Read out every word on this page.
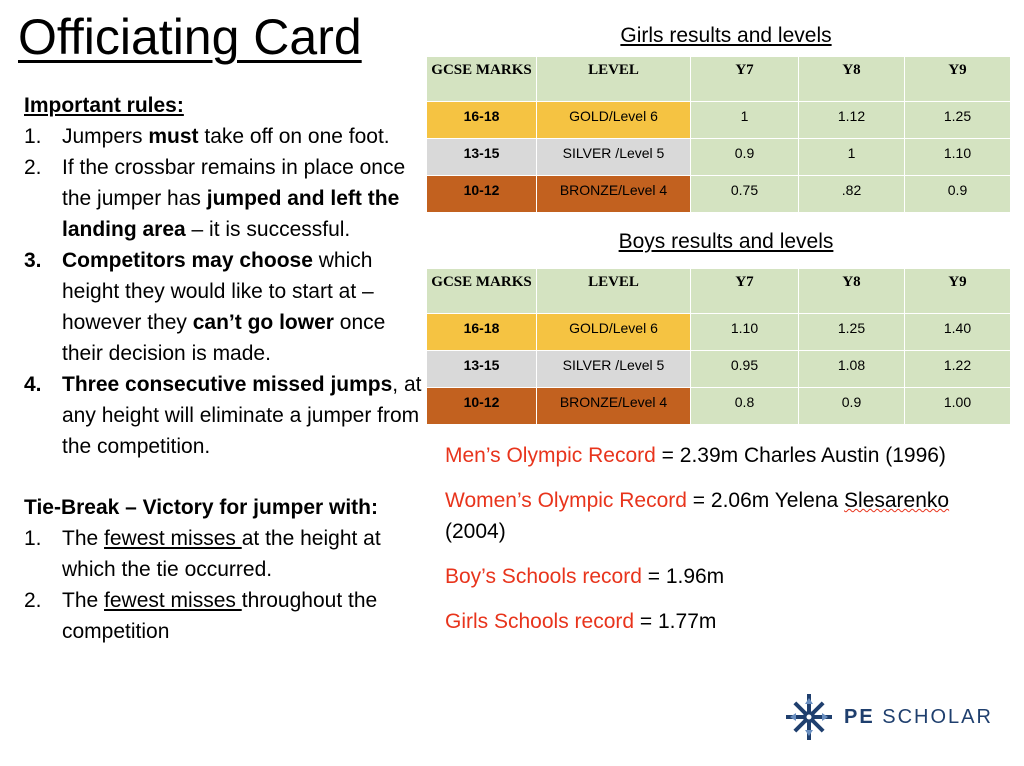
Officiating Card
Important rules:
1. Jumpers must take off on one foot.
2. If the crossbar remains in place once the jumper has jumped and left the landing area – it is successful.
3. Competitors may choose which height they would like to start at – however they can’t go lower once their decision is made.
4. Three consecutive missed jumps, at any height will eliminate a jumper from the competition.
Tie-Break – Victory for jumper with:
1. The fewest misses at the height at which the tie occurred.
2. The fewest misses throughout the competition
Girls results and levels
GCSE MARKS	LEVEL	Y7	Y8	Y9
16-18	GOLD/Level 6	1	1.12	1.25
13-15	SILVER /Level 5	0.9	1	1.10
10-12	BRONZE/Level 4	0.75	.82	0.9
Boys results and levels
GCSE MARKS	LEVEL	Y7	Y8	Y9
16-18	GOLD/Level 6	1.10	1.25	1.40
13-15	SILVER /Level 5	0.95	1.08	1.22
10-12	BRONZE/Level 4	0.8	0.9	1.00
Men’s Olympic Record = 2.39m Charles Austin (1996)
Women’s Olympic Record = 2.06m Yelena Slesarenko (2004)
Boy’s Schools record = 1.96m
Girls Schools record = 1.77m
PE SCHOLAR
